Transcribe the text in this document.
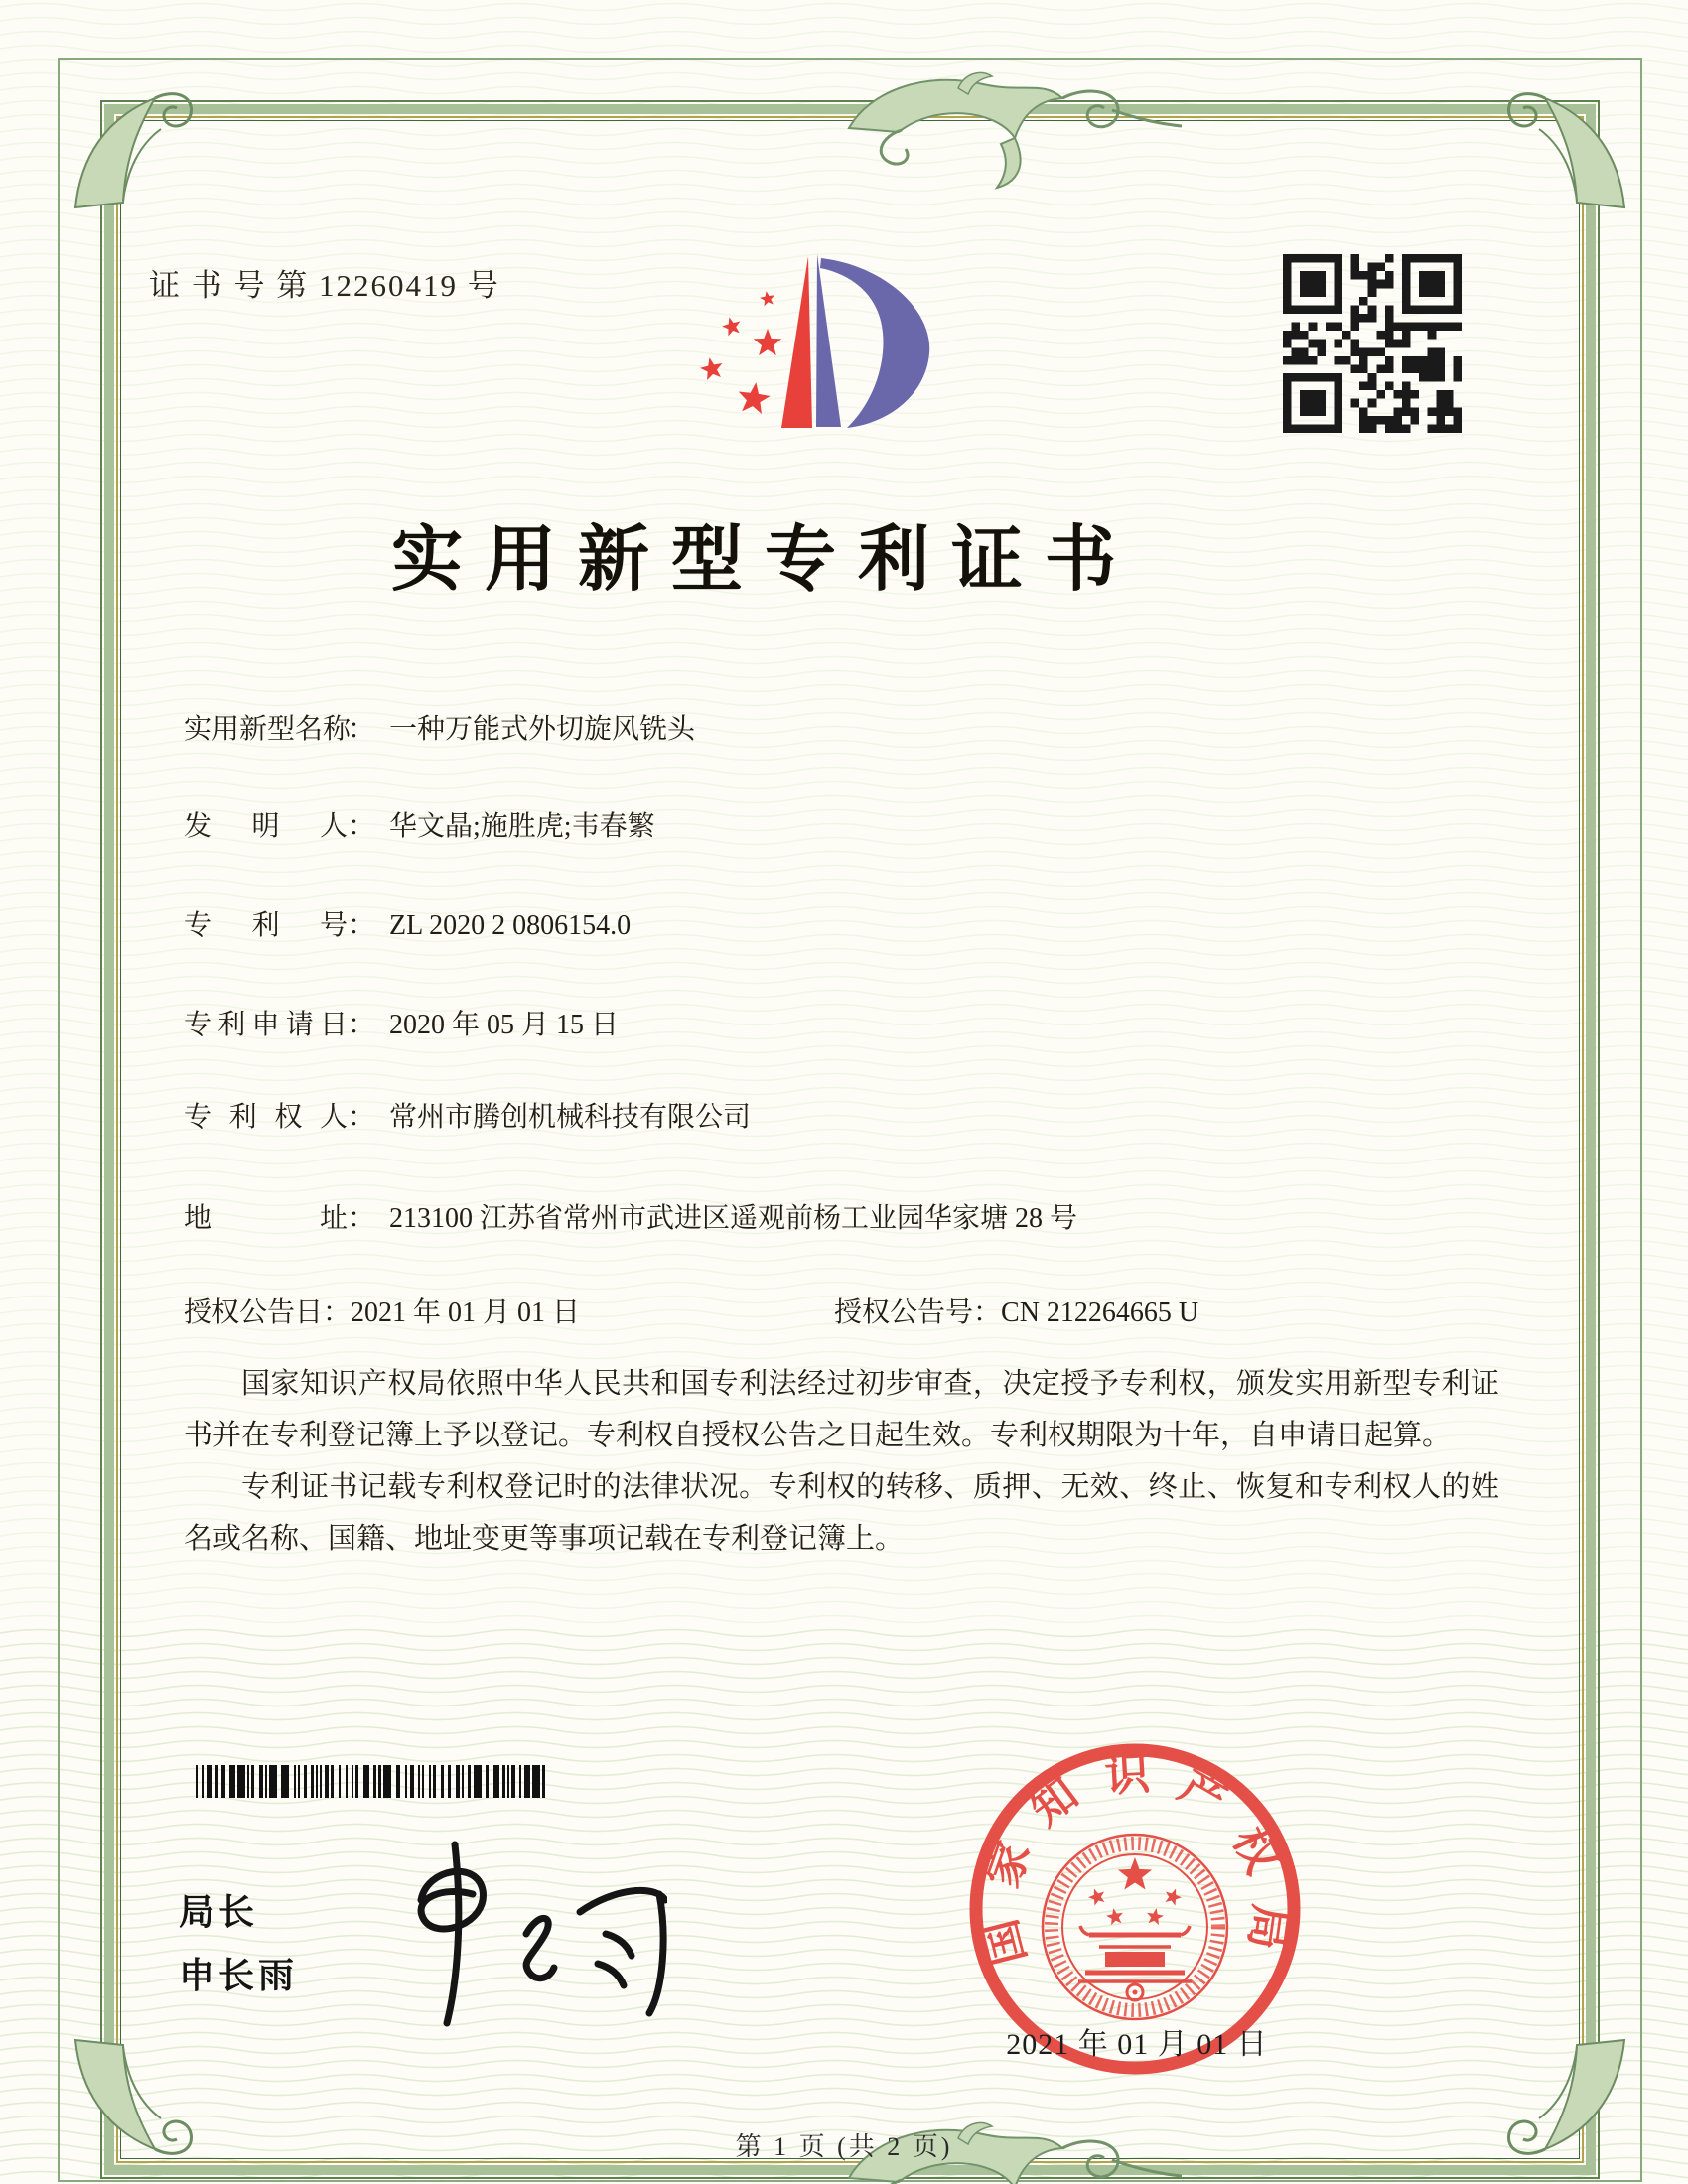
证 书 号 第 12260419 号
实用新型专利证书
实用新型名称： 一种万能式外切旋风铣头
发 明 人： 华文晶;施胜虎;韦春繁
专 利 号： ZL 2020 2 0806154.0
专利申请日： 2020 年 05 月 15 日
专 利 权 人： 常州市腾创机械科技有限公司
地 址： 213100 江苏省常州市武进区遥观前杨工业园华家塘 28 号
授权公告日：2021 年 01 月 01 日	授权公告号：CN 212264665 U

国家知识产权局依照中华人民共和国专利法经过初步审查，决定授予专利权，颁发实用新型专利证书并在专利登记簿上予以登记。专利权自授权公告之日起生效。专利权期限为十年，自申请日起算。

专利证书记载专利权登记时的法律状况。专利权的转移、质押、无效、终止、恢复和专利权人的姓名或名称、国籍、地址变更等事项记载在专利登记簿上。

局长
申长雨
国家知识产权局
2021 年 01 月 01 日
第 1 页 (共 2 页)
